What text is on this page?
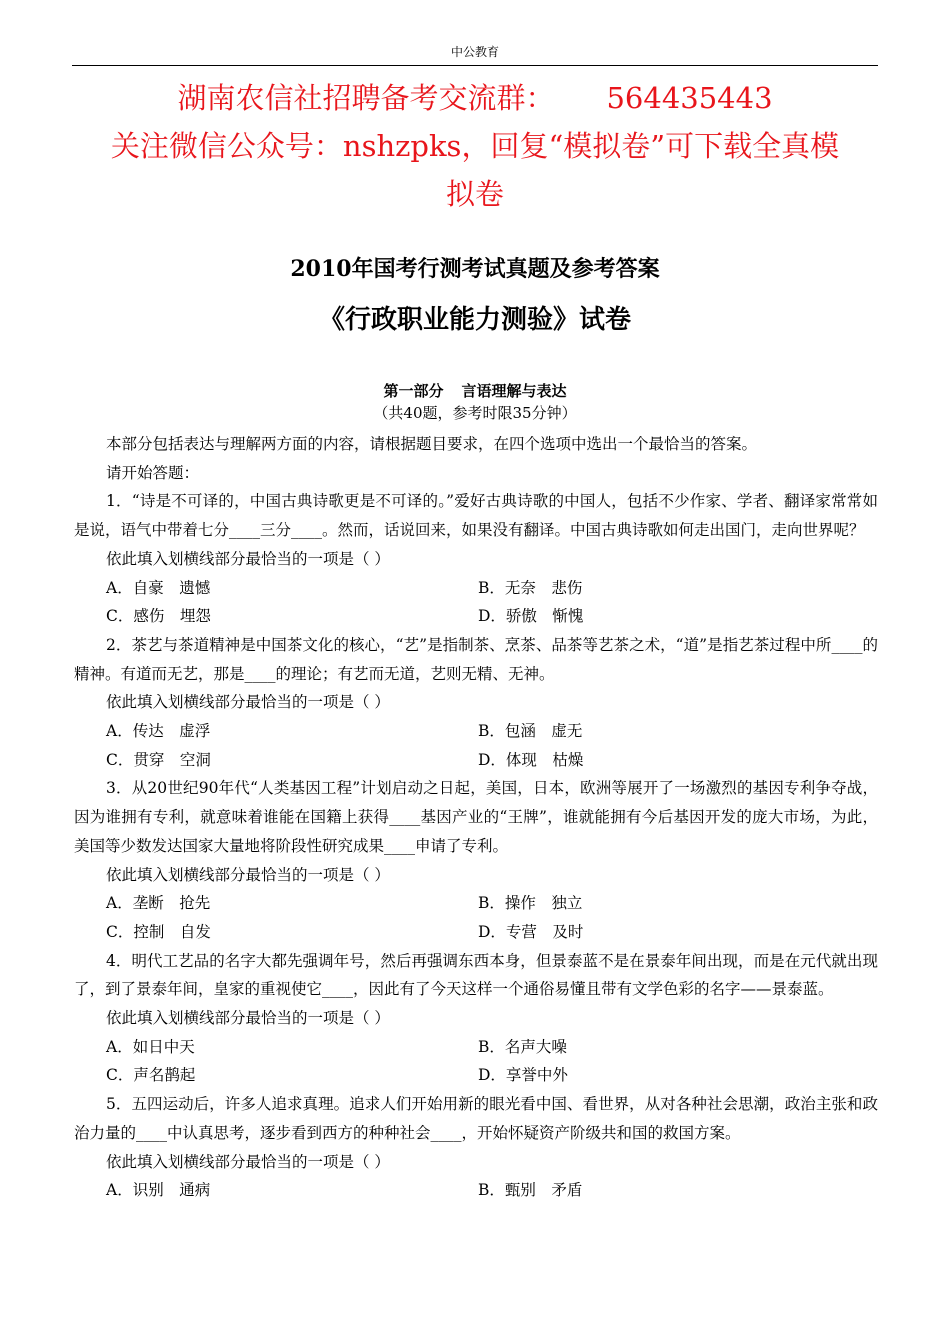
中公教育
湖南农信社招聘备考交流群： 564435443
关注微信公众号：nshzpks，回复“模拟卷”可下载全真模
拟卷
2010年国考行测考试真题及参考答案
《行政职业能力测验》试卷
第一部分 言语理解与表达
（共40题，参考时限35分钟）

本部分包括表达与理解两方面的内容，请根据题目要求，在四个选项中选出一个最恰当的答案。

请开始答题：

1．“诗是不可译的，中国古典诗歌更是不可译的。”爱好古典诗歌的中国人，包括不少作家、学者、翻译家常常如是说，语气中带着七分____三分____。然而，话说回来，如果没有翻译。中国古典诗歌如何走出国门，走向世界呢？

依此填入划横线部分最恰当的一项是（ ）

A．自豪　遗憾	B．无奈　悲伤
C．感伤　埋怨	D．骄傲　惭愧

2．茶艺与茶道精神是中国茶文化的核心，“艺”是指制茶、烹茶、品茶等艺茶之术，“道”是指艺茶过程中所____的精神。有道而无艺，那是____的理论；有艺而无道，艺则无精、无神。

依此填入划横线部分最恰当的一项是（ ）

A．传达　虚浮	B．包涵　虚无
C．贯穿　空洞	D．体现　枯燥

3．从20世纪90年代“人类基因工程”计划启动之日起，美国，日本，欧洲等展开了一场激烈的基因专利争夺战，因为谁拥有专利，就意味着谁能在国籍上获得____基因产业的“王牌”，谁就能拥有今后基因开发的庞大市场，为此，美国等少数发达国家大量地将阶段性研究成果____申请了专利。

依此填入划横线部分最恰当的一项是（ ）

A．垄断　抢先	B．操作　独立
C．控制　自发	D．专营　及时

4．明代工艺品的名字大都先强调年号，然后再强调东西本身，但景泰蓝不是在景泰年间出现，而是在元代就出现了，到了景泰年间，皇家的重视使它____，因此有了今天这样一个通俗易懂且带有文学色彩的名字——景泰蓝。

依此填入划横线部分最恰当的一项是（ ）

A．如日中天	B．名声大噪
C．声名鹊起	D．享誉中外

5．五四运动后，许多人追求真理。追求人们开始用新的眼光看中国、看世界，从对各种社会思潮，政治主张和政治力量的____中认真思考，逐步看到西方的种种社会____，开始怀疑资产阶级共和国的救国方案。

依此填入划横线部分最恰当的一项是（ ）

A．识别　通病	B．甄别　矛盾
